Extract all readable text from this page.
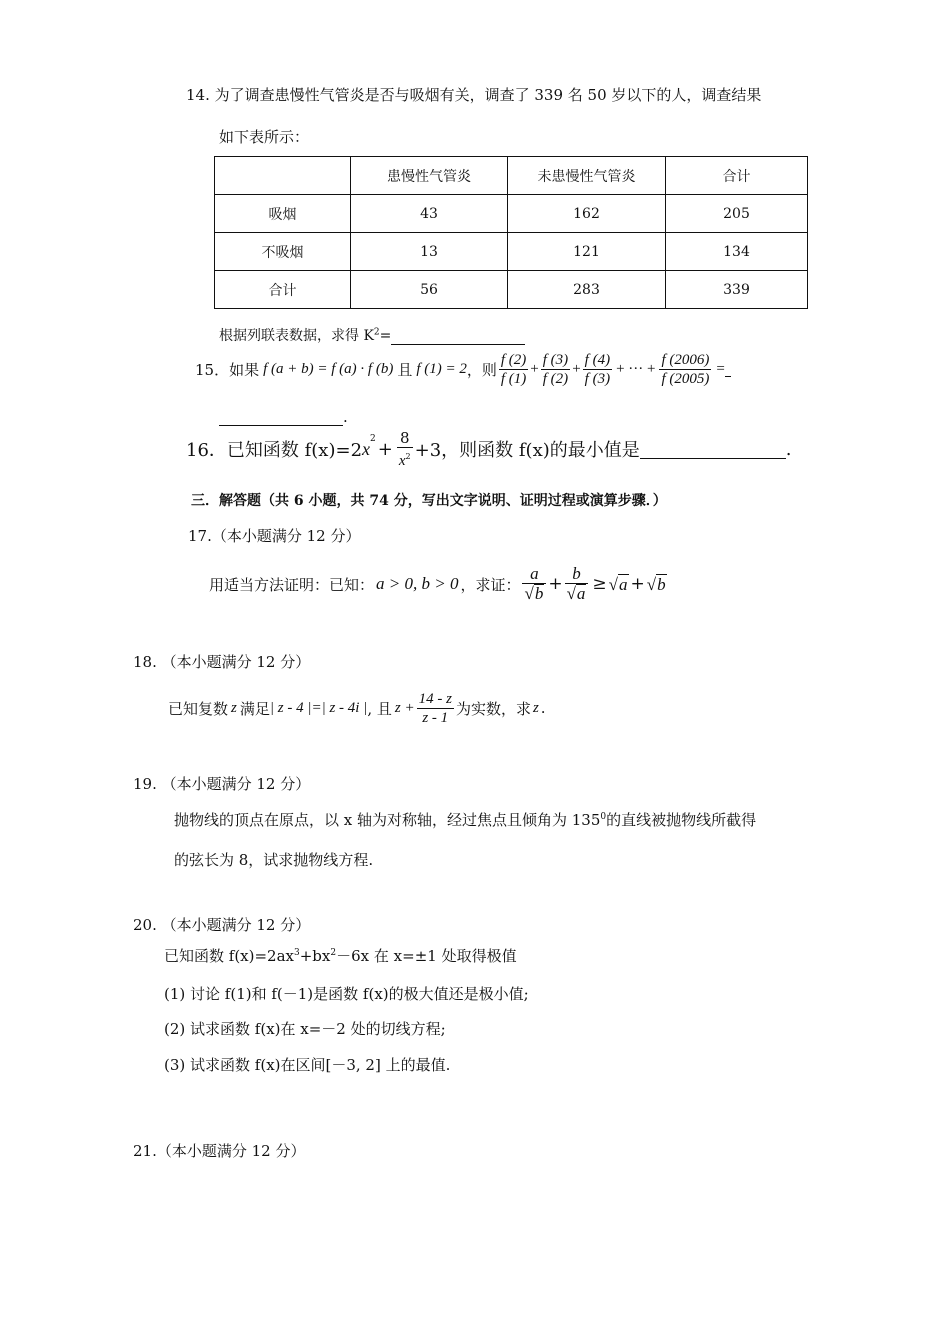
14. 为了调查患慢性气管炎是否与吸烟有关，调查了 339 名 50 岁以下的人，调查结果
如下表所示：
	患慢性气管炎	未患慢性气管炎	合计
吸烟	43	162	205
不吸烟	13	121	134
合计	56	283	339
根据列联表数据，求得 $K^2=$
15．如果 f (a + b) = f (a) · f (b) 且 f (1) = 2 ，则 $\frac{f (2)}{f (1)} + \frac{f (3)}{f (2)} + \frac{f (4)}{f (3)}$ + ··· + $\frac{f (2006)}{f (2005)}$ =
.
16．已知函数 f(x)=2 $x^2 + \frac{8}{x^2} +3$，则函数 f(x)的最小值是	.
三．解答题（共 6 小题，共 74 分，写出文字说明、证明过程或演算步骤．）
17.（本小题满分 12 分）
用适当方法证明：已知： a > 0, b > 0 ，求证： $\frac{a}{√b} + \frac{b}{√a} \ge √a + √b$
18. （本小题满分 12 分）
已知复数 z 满足 | z - 4 |=| z - 4i | , 且 $z + \frac{14 - z}{z - 1}$ 为实数，求 z .
19. （本小题满分 12 分）
抛物线的顶点在原点，以 x 轴为对称轴，经过焦点且倾角为 $135^0$的直线被抛物线所截得
的弦长为 8，试求抛物线方程.
20. （本小题满分 12 分）
已知函数 $f(x)=2ax^3+bx^2-6x$ 在 x=±1 处取得极值
(1) 讨论 f(1)和 f(－1)是函数 f(x)的极大值还是极小值;
(2) 试求函数 f(x)在 x=－2 处的切线方程;
(3) 试求函数 f(x)在区间[－3, 2] 上的最值.
21.（本小题满分 12 分）
